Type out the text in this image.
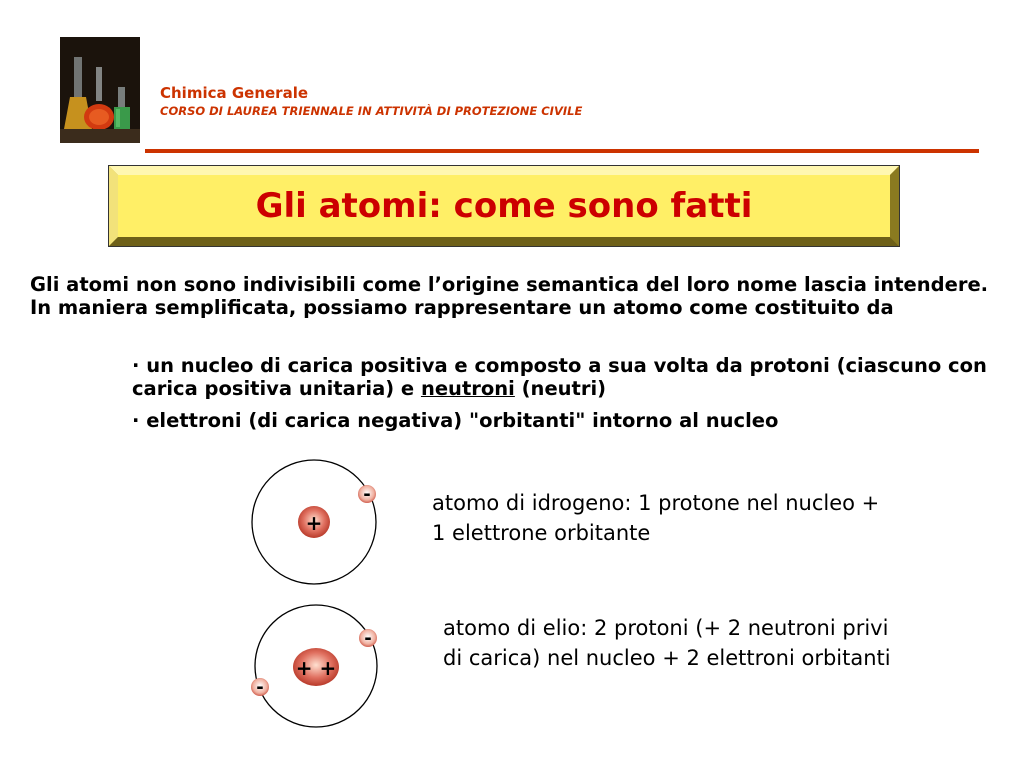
Chimica Generale
CORSO DI LAUREA TRIENNALE IN ATTIVITÀ DI PROTEZIONE CIVILE
Gli atomi: come sono fatti
Gli atomi non sono indivisibili come l’origine semantica del loro nome lascia intendere. In maniera semplificata, possiamo rappresentare un atomo come costituito da
· un nucleo di carica positiva e composto a sua volta da protoni (ciascuno con carica positiva unitaria) e neutroni (neutri)
· elettroni (di carica negativa) "orbitanti" intorno al nucleo
+
-	atomo di idrogeno: 1 protone nel nucleo + 1 elettrone orbitante
+ +
-
-
atomo di elio: 2 protoni (+ 2 neutroni privi di carica) nel nucleo + 2 elettroni orbitanti
